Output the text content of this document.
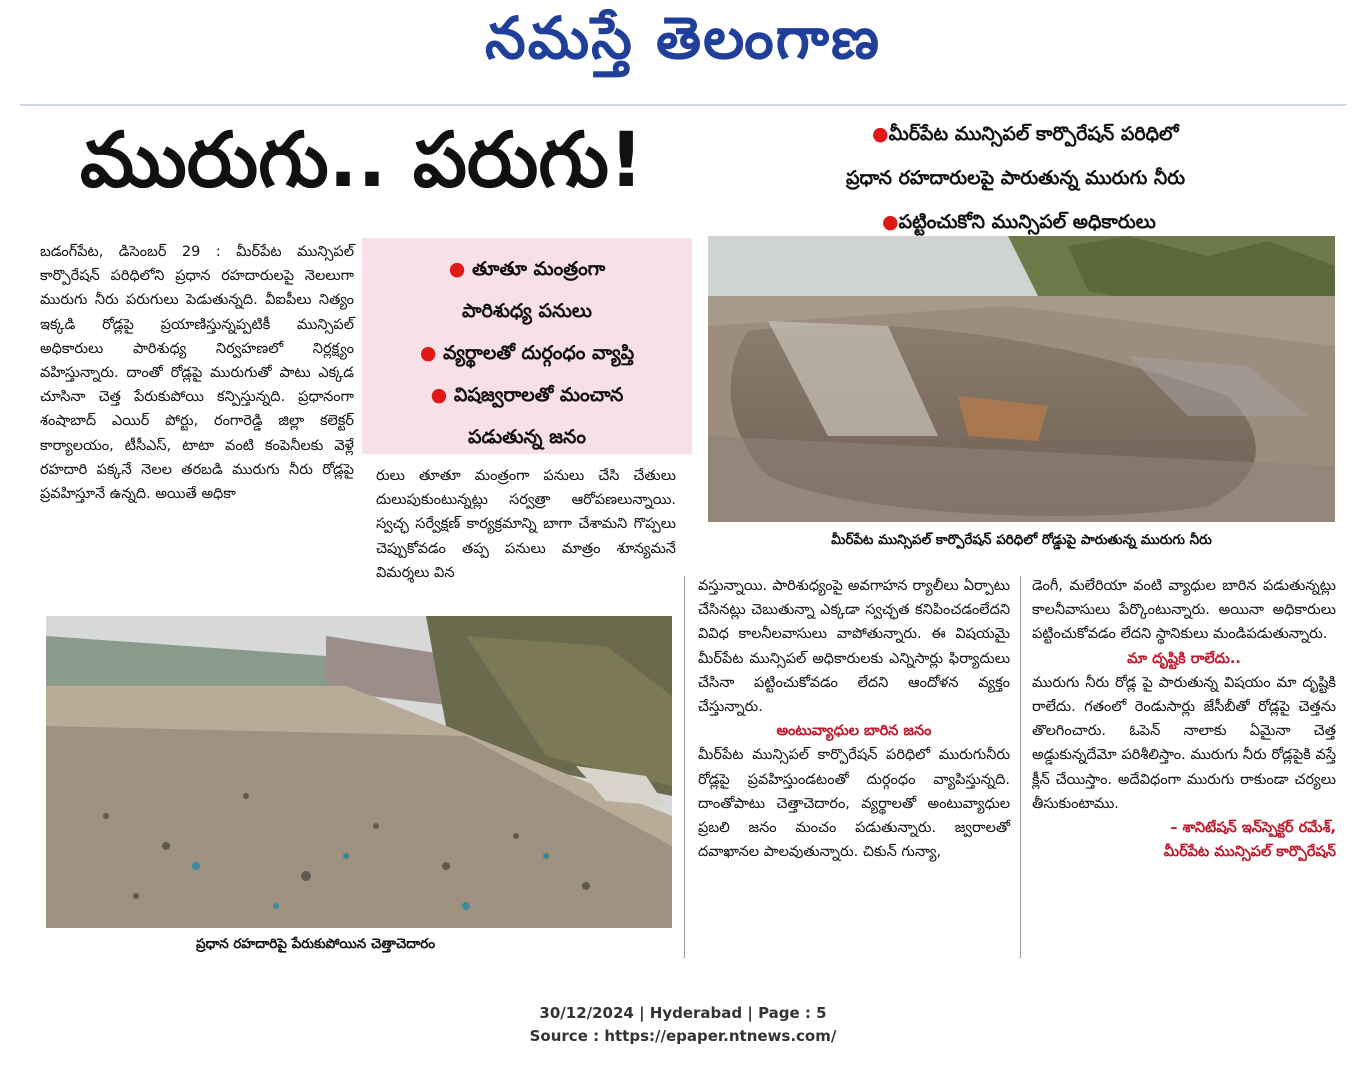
నమస్తే తెలంగాణ
మురుగు.. పరుగు!	●మీర్‌పేట మున్సిపల్ కార్పొరేషన్ పరిధిలో
ప్రధాన రహదారులపై పారుతున్న మురుగు నీరు
●పట్టించుకోని మున్సిపల్ అధికారులు

బడంగ్‌పేట, డిసెంబర్ 29 : మీర్‌పేట మున్సిపల్ కార్పొరేషన్ పరిధిలోని ప్రధాన రహదారులపై నెలలుగా మురుగు నీరు పరుగులు పెడుతున్నది. వీఐపీలు నిత్యం ఇక్కడి రోడ్లపై ప్రయాణిస్తున్నప్పటికీ మున్సిపల్ అధికారులు పారిశుధ్య నిర్వహణలో నిర్లక్ష్యం వహిస్తున్నారు. దాంతో రోడ్లపై మురుగుతో పాటు ఎక్కడ చూసినా చెత్త పేరుకుపోయి కన్పిస్తున్నది. ప్రధానంగా శంషాబాద్ ఎయిర్ పోర్టు, రంగారెడ్డి జిల్లా కలెక్టర్ కార్యాలయం, టీసీఎస్, టాటా వంటి కంపెనీలకు వెళ్లే రహదారి పక్కనే నెలల తరబడి మురుగు నీరు రోడ్లపై ప్రవహిస్తూనే ఉన్నది. అయితే అధికా

● తూతూ మంత్రంగా
పారిశుధ్య పనులు
● వ్యర్థాలతో దుర్గంధం వ్యాప్తి
● విషజ్వరాలతో మంచాన
పడుతున్న జనం

రులు తూతూ మంత్రంగా పనులు చేసి చేతులు దులుపుకుంటున్నట్లు సర్వత్రా ఆరోపణలున్నాయి. స్వచ్ఛ సర్వేక్షణ్ కార్యక్రమాన్ని బాగా చేశామని గొప్పలు చెప్పుకోవడం తప్ప పనులు మాత్రం శూన్యమనే విమర్శలు విన

మీర్‌పేట మున్సిపల్ కార్పొరేషన్ పరిధిలో రోడ్డుపై పారుతున్న మురుగు నీరు
ప్రధాన రహదారిపై పేరుకుపోయిన చెత్తాచెదారం

వస్తున్నాయి. పారిశుధ్యంపై అవగాహన ర్యాలీలు ఏర్పాటు చేసినట్లు చెబుతున్నా ఎక్కడా స్వచ్ఛత కనిపించడంలేదని వివిధ కాలనీలవాసులు వాపోతున్నారు. ఈ విషయమై మీర్‌పేట మున్సిపల్ అధికారులకు ఎన్నిసార్లు ఫిర్యాదులు చేసినా పట్టించుకోవడం లేదని ఆందోళన వ్యక్తం చేస్తున్నారు.

అంటువ్యాధుల బారిన జనం

మీర్‌పేట మున్సిపల్ కార్పొరేషన్ పరిధిలో మురుగునీరు రోడ్లపై ప్రవహిస్తుండటంతో దుర్గంధం వ్యాపిస్తున్నది. దాంతోపాటు చెత్తాచెదారం, వ్యర్థాలతో అంటువ్యాధుల ప్రబలి జనం మంచం పడుతున్నారు. జ్వరాలతో దవాఖానల పాలవుతున్నారు. చికున్ గున్యా,

డెంగీ, మలేరియా వంటి వ్యాధుల బారిన పడుతున్నట్లు కాలనీవాసులు పేర్కొంటున్నారు. అయినా అధికారులు పట్టించుకోవడం లేదని స్థానికులు మండిపడుతున్నారు.

మా దృష్టికి రాలేదు..

మురుగు నీరు రోడ్ల పై పారుతున్న విషయం మా దృష్టికి రాలేదు. గతంలో రెండుసార్లు జేసీబీతో రోడ్లపై చెత్తను తొలగించారు. ఓపెన్ నాలాకు ఏమైనా చెత్త అడ్డుకున్నదేమో పరిశీలిస్తాం. మురుగు నీరు రోడ్లపైకి వస్తే క్లీన్ చేయిస్తాం. అదేవిధంగా మురుగు రాకుండా చర్యలు తీసుకుంటాము.

– శానిటేషన్ ఇన్‌స్పెక్టర్ రమేశ్,

మీర్‌పేట మున్సిపల్ కార్పొరేషన్

30/12/2024 | Hyderabad | Page : 5
Source : https://epaper.ntnews.com/
